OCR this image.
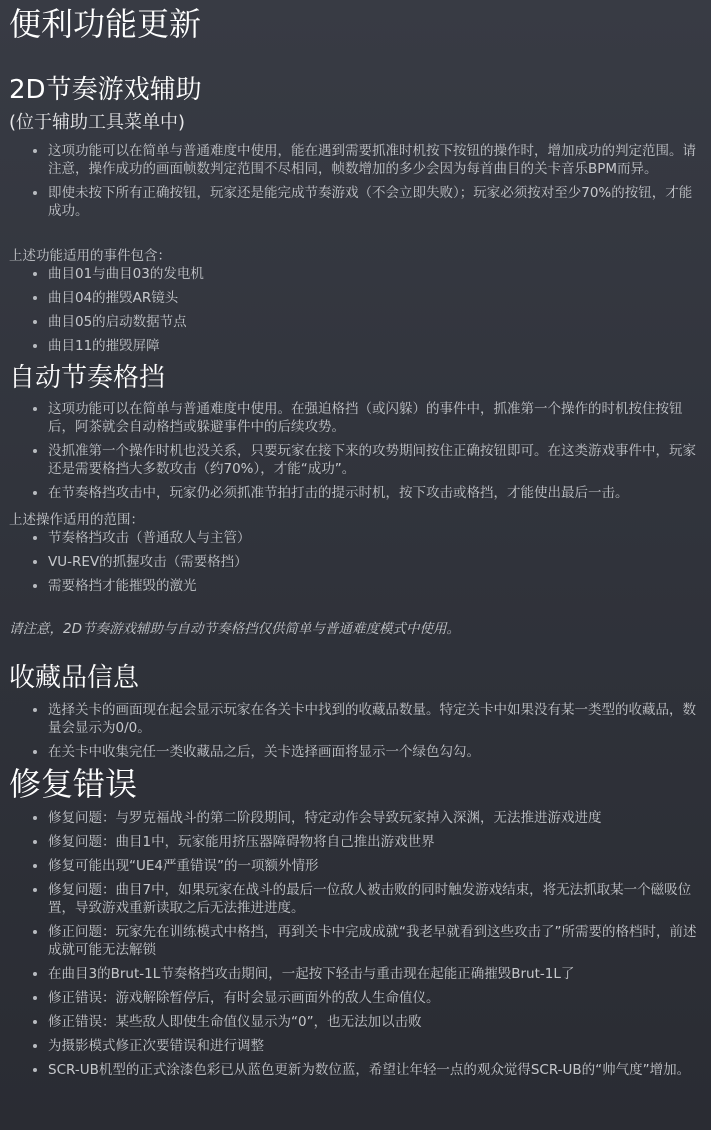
便利功能更新
2D节奏游戏辅助
(位于辅助工具菜单中)
这项功能可以在简单与普通难度中使用，能在遇到需要抓准时机按下按钮的操作时，增加成功的判定范围。请注意，操作成功的画面帧数判定范围不尽相同，帧数增加的多少会因为每首曲目的关卡音乐BPM而异。
即使未按下所有正确按钮，玩家还是能完成节奏游戏（不会立即失败）；玩家必须按对至少70%的按钮，才能成功。
上述功能适用的事件包含：
曲目01与曲目03的发电机
曲目04的摧毁AR镜头
曲目05的启动数据节点
曲目11的摧毁屏障
自动节奏格挡
这项功能可以在简单与普通难度中使用。在强迫格挡（或闪躲）的事件中，抓准第一个操作的时机按住按钮后，阿茶就会自动格挡或躲避事件中的后续攻势。
没抓准第一个操作时机也没关系，只要玩家在接下来的攻势期间按住正确按钮即可。在这类游戏事件中，玩家还是需要格挡大多数攻击（约70%），才能“成功”。
在节奏格挡攻击中，玩家仍必须抓准节拍打击的提示时机，按下攻击或格挡，才能使出最后一击。
上述操作适用的范围：
节奏格挡攻击（普通敌人与主管）
VU-REV的抓握攻击（需要格挡）
需要格挡才能摧毁的激光
请注意，2D节奏游戏辅助与自动节奏格挡仅供简单与普通难度模式中使用。
收藏品信息
选择关卡的画面现在起会显示玩家在各关卡中找到的收藏品数量。特定关卡中如果没有某一类型的收藏品，数量会显示为0/0。
在关卡中收集完任一类收藏品之后，关卡选择画面将显示一个绿色勾勾。
修复错误
修复问题：与罗克福战斗的第二阶段期间，特定动作会导致玩家掉入深渊，无法推进游戏进度
修复问题：曲目1中，玩家能用挤压器障碍物将自己推出游戏世界
修复可能出现“UE4严重错误”的一项额外情形
修复问题：曲目7中，如果玩家在战斗的最后一位敌人被击败的同时触发游戏结束，将无法抓取某一个磁吸位置，导致游戏重新读取之后无法推进进度。
修正问题：玩家先在训练模式中格挡，再到关卡中完成成就“我老早就看到这些攻击了”所需要的格档时，前述成就可能无法解锁
在曲目3的Brut-1L节奏格挡攻击期间，一起按下轻击与重击现在起能正确摧毁Brut-1L了
修正错误：游戏解除暂停后，有时会显示画面外的敌人生命值仪。
修正错误：某些敌人即使生命值仪显示为“0”，也无法加以击败
为摄影模式修正次要错误和进行调整
SCR-UB机型的正式涂漆色彩已从蓝色更新为数位蓝，希望让年轻一点的观众觉得SCR-UB的“帅气度”增加。
